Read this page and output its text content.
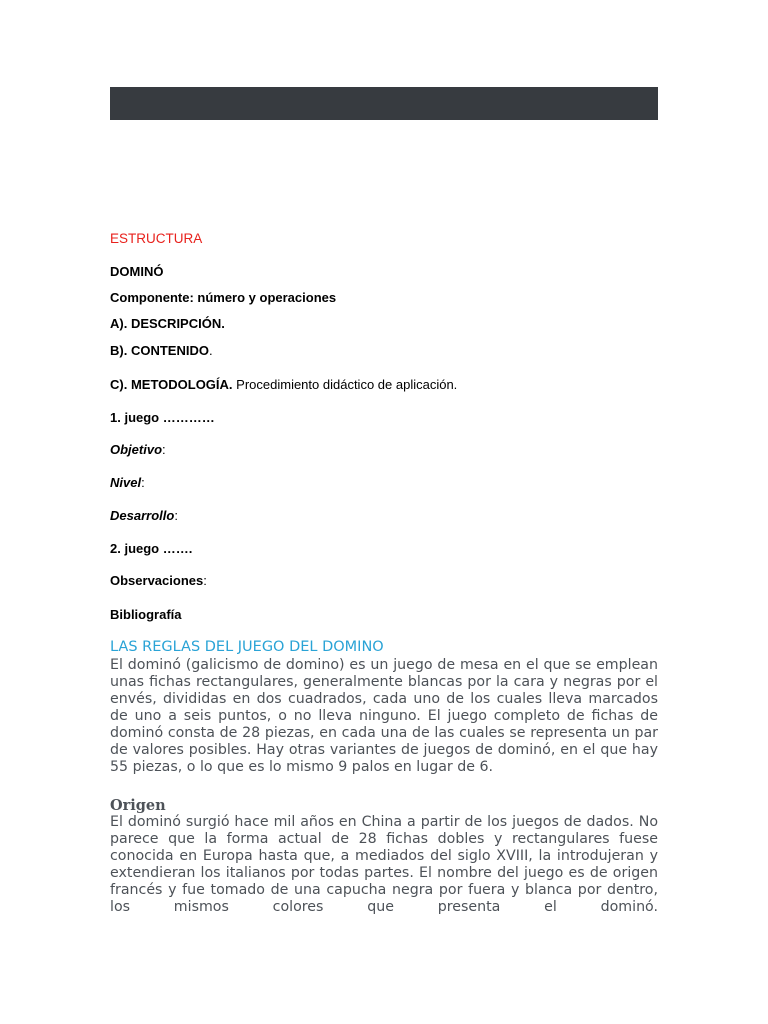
ESTRUCTURA
DOMINÓ
Componente: número y operaciones
A). DESCRIPCIÓN.
B). CONTENIDO.
C). METODOLOGÍA. Procedimiento didáctico de aplicación.
1. juego …………
Objetivo:
Nivel:
Desarrollo:
2. juego …….
Observaciones:
Bibliografía
LAS REGLAS DEL JUEGO DEL DOMINO
El dominó (galicismo de domino) es un juego de mesa en el que se emplean unas fichas rectangulares, generalmente blancas por la cara y negras por el envés, divididas en dos cuadrados, cada uno de los cuales lleva marcados de uno a seis puntos, o no lleva ninguno. El juego completo de fichas de dominó consta de 28 piezas, en cada una de las cuales se representa un par de valores posibles. Hay otras variantes de juegos de dominó, en el que hay 55 piezas, o lo que es lo mismo 9 palos en lugar de 6.
Origen
El dominó surgió hace mil años en China a partir de los juegos de dados. No parece que la forma actual de 28 fichas dobles y rectangulares fuese conocida en Europa hasta que, a mediados del siglo XVIII, la introdujeran y extendieran los italianos por todas partes. El nombre del juego es de origen francés y fue tomado de una capucha negra por fuera y blanca por dentro, los mismos colores que presenta el dominó.
